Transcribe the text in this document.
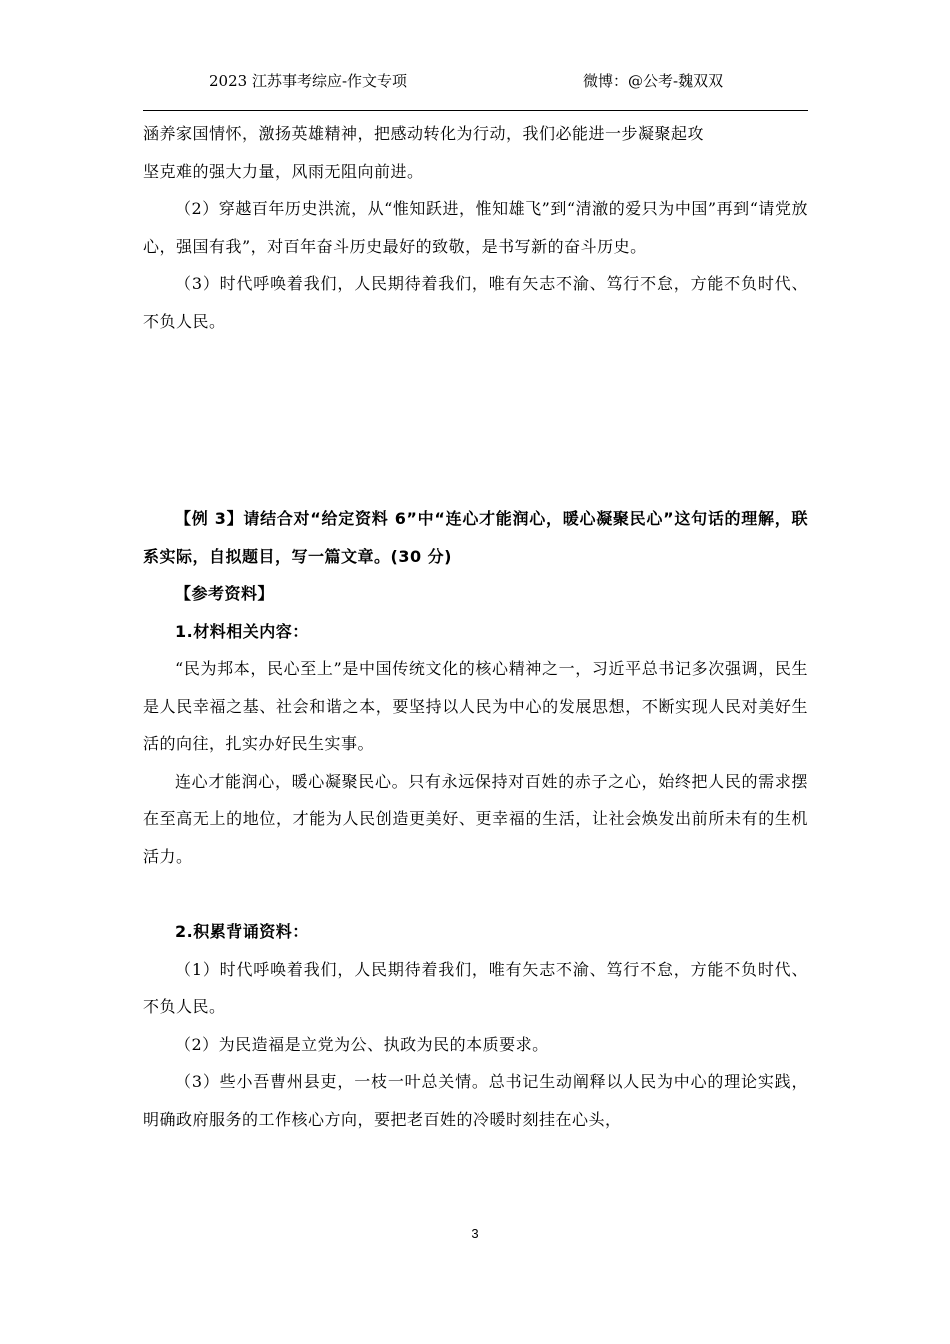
2023 江苏事考综应-作文专项	微博：@公考-魏双双

涵养家国情怀，激扬英雄精神，把感动转化为行动，我们必能进一步凝聚起攻

坚克难的强大力量，风雨无阻向前进。

（2）穿越百年历史洪流，从“惟知跃进，惟知雄飞”到“清澈的爱只为中国”再到“请党放心，强国有我”，对百年奋斗历史最好的致敬，是书写新的奋斗历史。

（3）时代呼唤着我们，人民期待着我们，唯有矢志不渝、笃行不怠，方能不负时代、不负人民。

【例 3】请结合对“给定资料 6”中“连心才能润心，暖心凝聚民心”这句话的理解，联系实际，自拟题目，写一篇文章。(30 分)

【参考资料】

1.材料相关内容：

“民为邦本，民心至上”是中国传统文化的核心精神之一，习近平总书记多次强调，民生是人民幸福之基、社会和谐之本，要坚持以人民为中心的发展思想，不断实现人民对美好生活的向往，扎实办好民生实事。

连心才能润心，暖心凝聚民心。只有永远保持对百姓的赤子之心，始终把人民的需求摆在至高无上的地位，才能为人民创造更美好、更幸福的生活，让社会焕发出前所未有的生机活力。

2.积累背诵资料：

（1）时代呼唤着我们，人民期待着我们，唯有矢志不渝、笃行不怠，方能不负时代、不负人民。

（2）为民造福是立党为公、执政为民的本质要求。

（3）些小吾曹州县吏，一枝一叶总关情。总书记生动阐释以人民为中心的理论实践，明确政府服务的工作核心方向，要把老百姓的冷暖时刻挂在心头，

3
